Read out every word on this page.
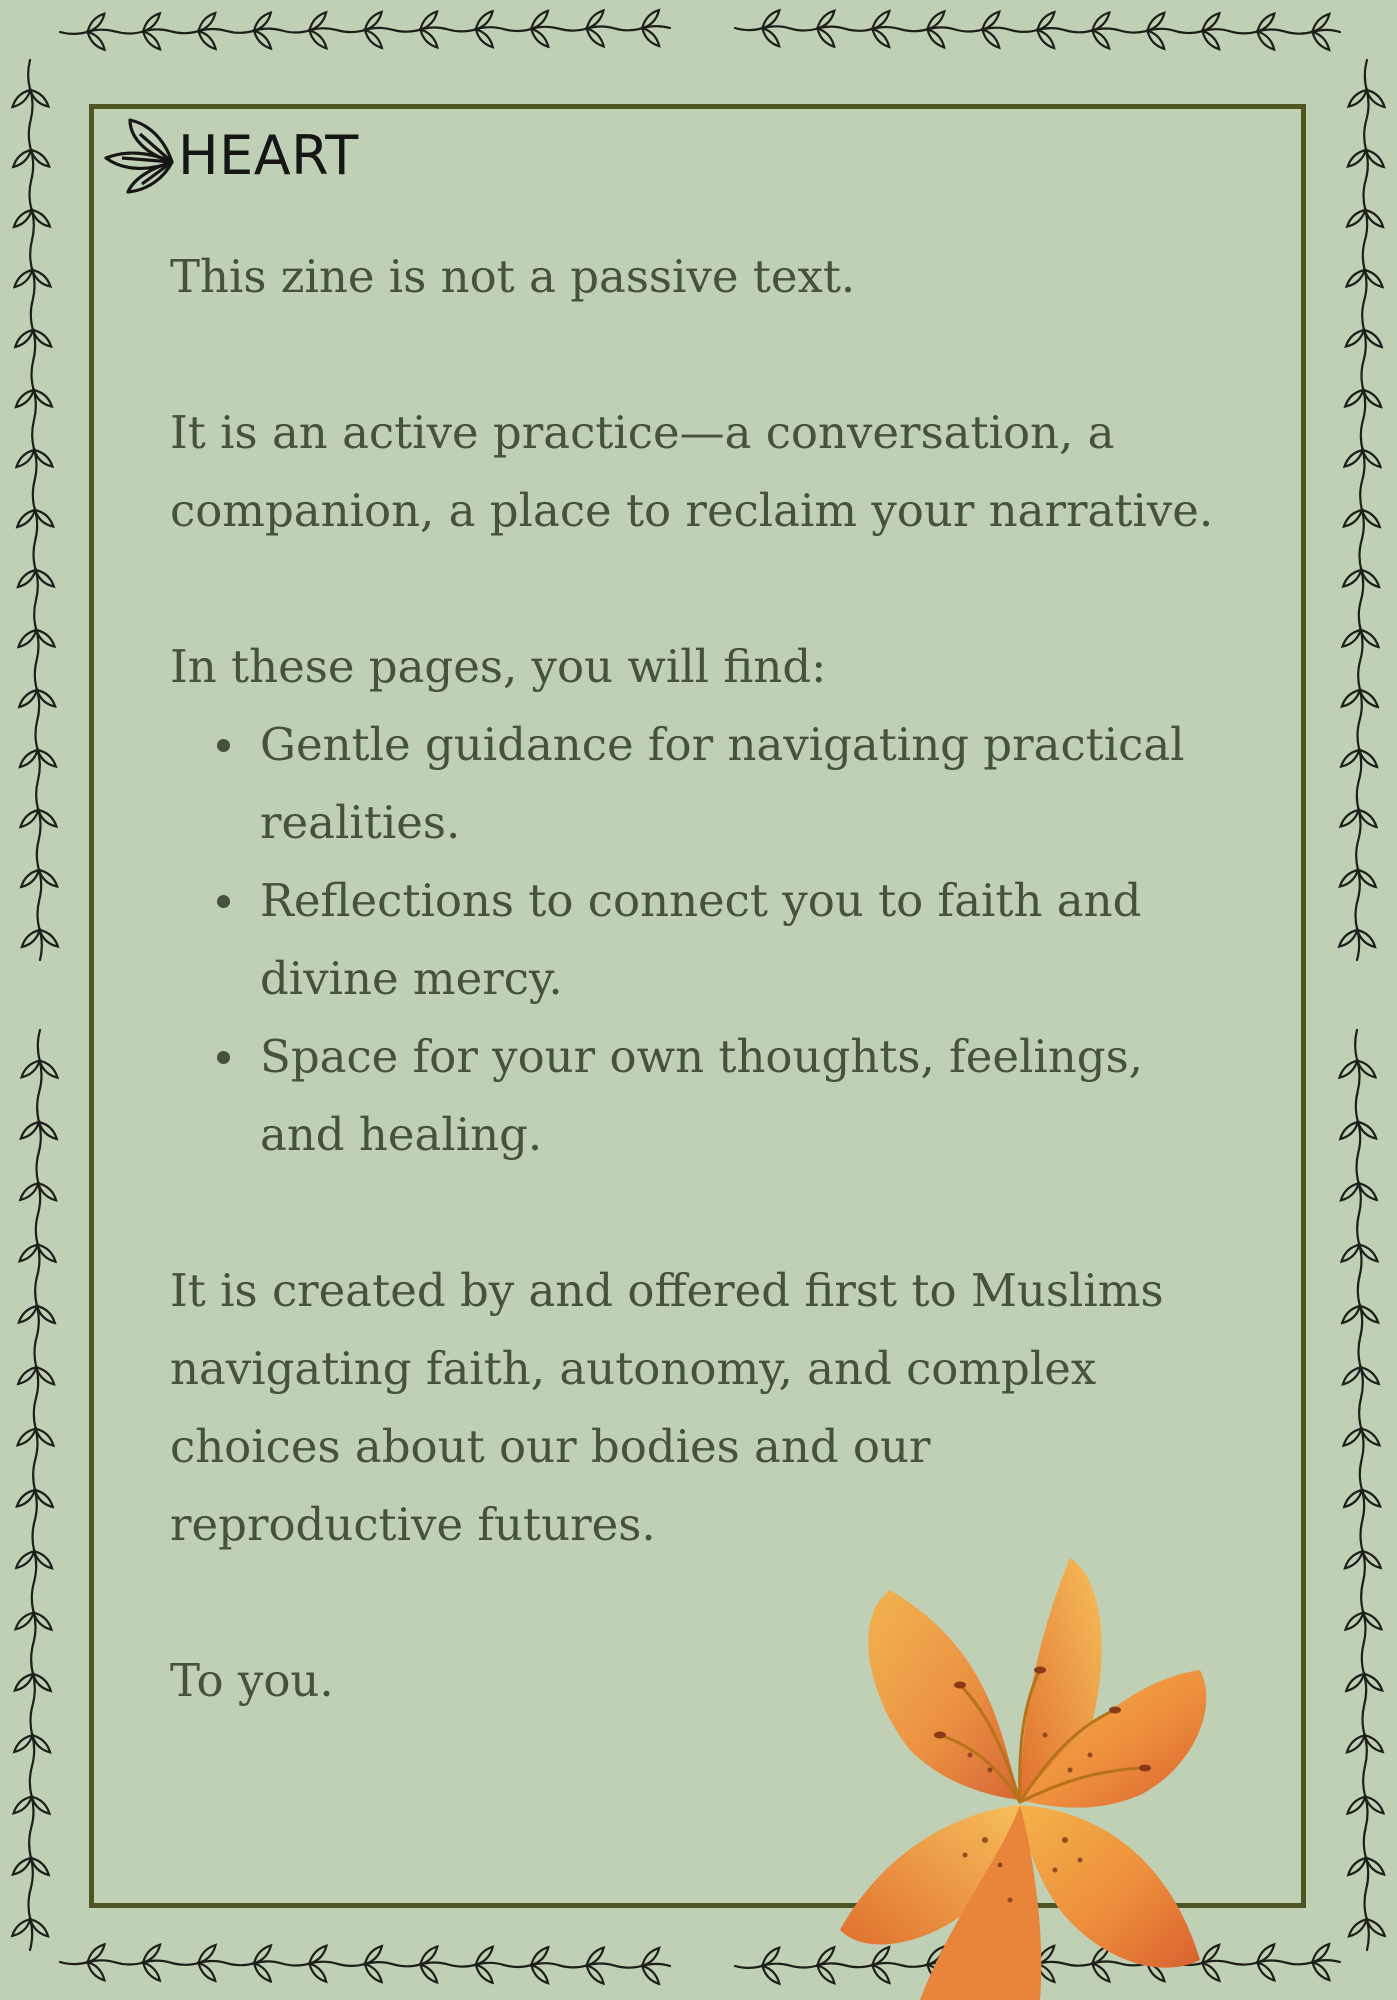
HEART

This zine is not a passive text.

It is an active practice—a conversation, a companion, a place to reclaim your narrative.

In these pages, you will find:

Gentle guidance for navigating practical realities.
Reflections to connect you to faith and divine mercy.
Space for your own thoughts, feelings, and healing.

It is created by and offered first to Muslims navigating faith, autonomy, and complex choices about our bodies and our reproductive futures.

To you.
